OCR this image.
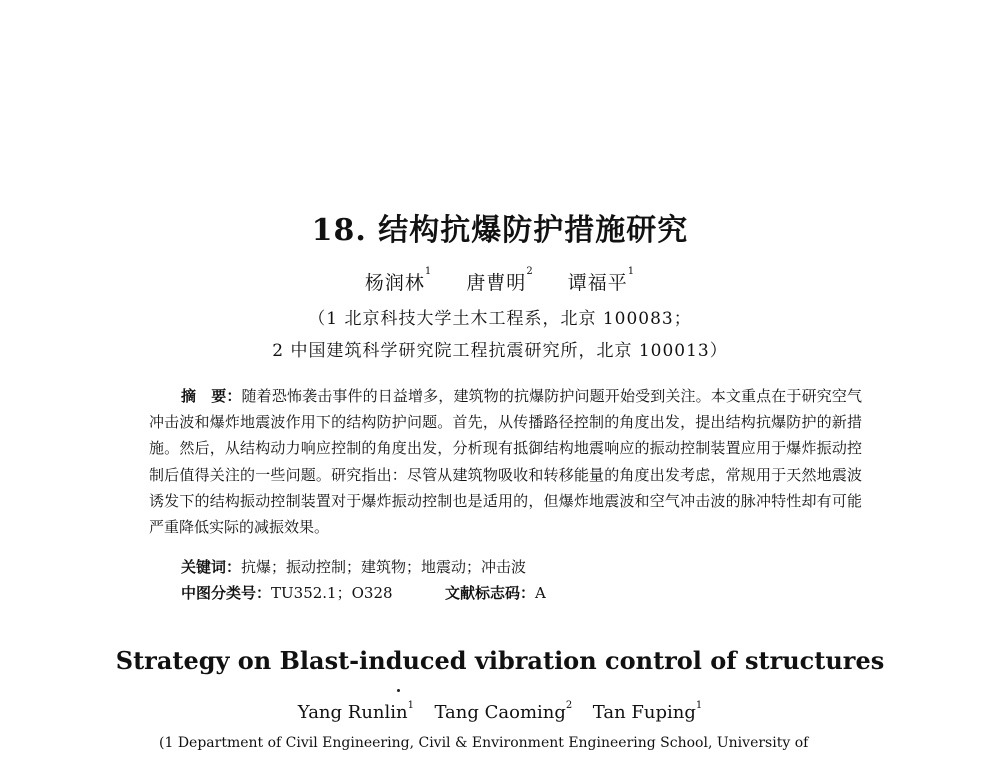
18. 结构抗爆防护措施研究
杨润林$^1$   唐曹明$^2$   谭福平$^1$
（1 北京科技大学土木工程系，北京 100083；
2 中国建筑科学研究院工程抗震研究所，北京 100013）
摘　要：随着恐怖袭击事件的日益增多，建筑物的抗爆防护问题开始受到关注。本文重点在于研究空气冲击波和爆炸地震波作用下的结构防护问题。首先，从传播路径控制的角度出发，提出结构抗爆防护的新措施。然后，从结构动力响应控制的角度出发，分析现有抵御结构地震响应的振动控制装置应用于爆炸振动控制后值得关注的一些问题。研究指出：尽管从建筑物吸收和转移能量的角度出发考虑，常规用于天然地震波诱发下的结构振动控制装置对于爆炸振动控制也是适用的，但爆炸地震波和空气冲击波的脉冲特性却有可能严重降低实际的减振效果。
关键词：抗爆；振动控制；建筑物；地震动；冲击波
中图分类号：TU352.1；O328	文献标志码：A
Strategy on Blast-induced vibration control of structures
Yang Runlin$^1$   Tang Caoming$^2$   Tan Fuping$^1$
(1 Department of Civil Engineering, Civil & Environment Engineering School, University of
